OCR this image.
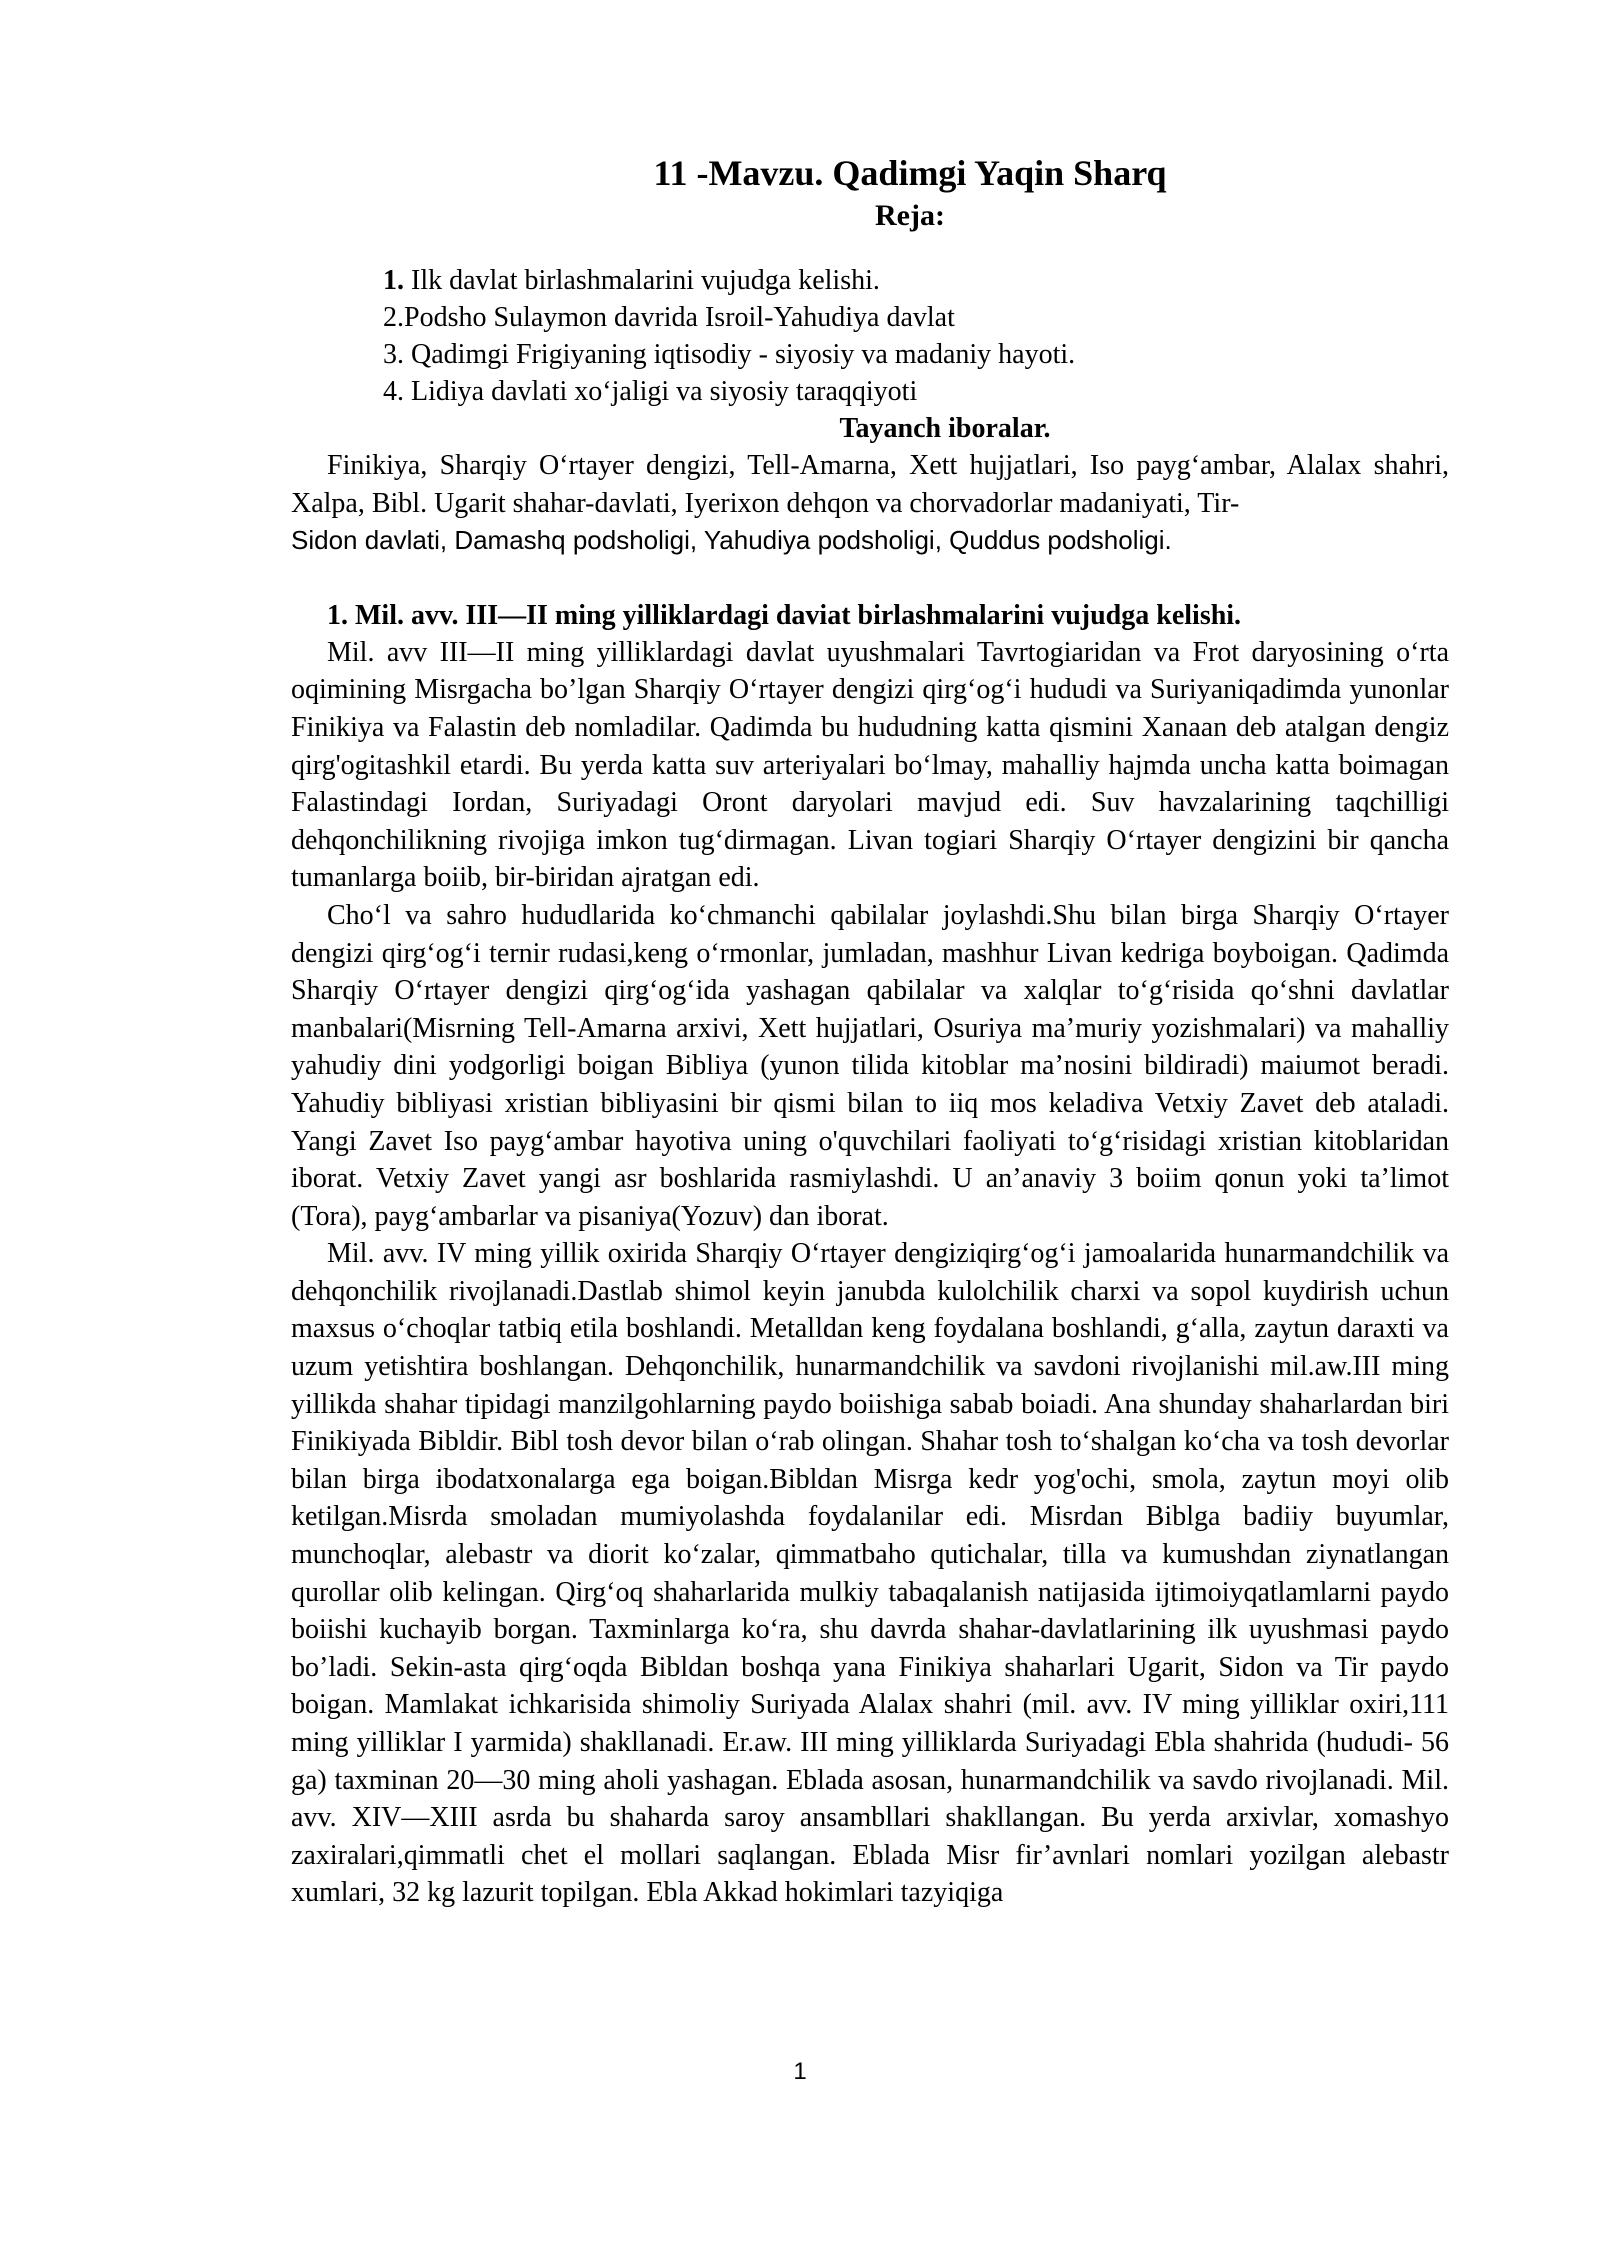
11 -Mavzu. Qadimgi Yaqin Sharq
Reja:
1. Ilk davlat birlashmalarini vujudga kelishi.
2.Podsho Sulaymon davrida Isroil-Yahudiya davlat
3. Qadimgi Frigiyaning iqtisodiy - siyosiy va madaniy hayoti.
4. Lidiya davlati xo‘jaligi va siyosiy taraqqiyoti
Tayanch iboralar.

Finikiya, Sharqiy O‘rtayer dengizi, Tell-Amarna, Xett hujjatlari, Iso payg‘ambar, Alalax shahri, Xalpa, Bibl. Ugarit shahar-davlati, Iyerixon dehqon va chorvadorlar madaniyati, Tir-
Sidon davlati, Damashq podsholigi, Yahudiya podsholigi, Quddus podsholigi.

1. Mil. avv. III—II ming yilliklardagi daviat birlashmalarini vujudga kelishi.

Mil. avv III—II ming yilliklardagi davlat uyushmalari Tavrtogiaridan va Frot daryosining o‘rta oqimining Misrgacha bo’lgan Sharqiy O‘rtayer dengizi qirg‘og‘i hududi va Suriyaniqadimda yunonlar Finikiya va Falastin deb nomladilar. Qadimda bu hududning katta qismini Xanaan deb atalgan dengiz qirg'ogitashkil etardi. Bu yerda katta suv arteriyalari bo‘lmay, mahalliy hajmda uncha katta boimagan Falastindagi Iordan, Suriyadagi Oront daryolari mavjud edi. Suv havzalarining taqchilligi dehqonchilikning rivojiga imkon tug‘dirmagan. Livan togiari Sharqiy O‘rtayer dengizini bir qancha tumanlarga boiib, bir-biridan ajratgan edi.

Cho‘l va sahro hududlarida ko‘chmanchi qabilalar joylashdi.Shu bilan birga Sharqiy O‘rtayer dengizi qirg‘og‘i ternir rudasi,keng o‘rmonlar, jumladan, mashhur Livan kedriga boyboigan. Qadimda Sharqiy O‘rtayer dengizi qirg‘og‘ida yashagan qabilalar va xalqlar to‘g‘risida qo‘shni davlatlar manbalari(Misrning Tell-Amarna arxivi, Xett hujjatlari, Osuriya ma’muriy yozishmalari) va mahalliy yahudiy dini yodgorligi boigan Bibliya (yunon tilida kitoblar ma’nosini bildiradi) maiumot beradi. Yahudiy bibliyasi xristian bibliyasini bir qismi bilan to iiq mos keladiva Vetxiy Zavet deb ataladi. Yangi Zavet Iso payg‘ambar hayotiva uning o'quvchilari faoliyati to‘g‘risidagi xristian kitoblaridan iborat. Vetxiy Zavet yangi asr boshlarida rasmiylashdi. U an’anaviy 3 boiim qonun yoki ta’limot (Tora), payg‘ambarlar va pisaniya(Yozuv) dan iborat.

Mil. avv. IV ming yillik oxirida Sharqiy O‘rtayer dengiziqirg‘og‘i jamoalarida hunarmandchilik va dehqonchilik rivojlanadi.Dastlab shimol keyin janubda kulolchilik charxi va sopol kuydirish uchun maxsus o‘choqlar tatbiq etila boshlandi. Metalldan keng foydalana boshlandi, g‘alla, zaytun daraxti va uzum yetishtira boshlangan. Dehqonchilik, hunarmandchilik va savdoni rivojlanishi mil.aw.III ming yillikda shahar tipidagi manzilgohlarning paydo boiishiga sabab boiadi. Ana shunday shaharlardan biri Finikiyada Bibldir. Bibl tosh devor bilan o‘rab olingan. Shahar tosh to‘shalgan ko‘cha va tosh devorlar bilan birga ibodatxonalarga ega boigan.Bibldan Misrga kedr yog'ochi, smola, zaytun moyi olib ketilgan.Misrda smoladan mumiyolashda foydalanilar edi. Misrdan Biblga badiiy buyumlar, munchoqlar, alebastr va diorit ko‘zalar, qimmatbaho qutichalar, tilla va kumushdan ziynatlangan qurollar olib kelingan. Qirg‘oq shaharlarida mulkiy tabaqalanish natijasida ijtimoiyqatlamlarni paydo boiishi kuchayib borgan. Taxminlarga ko‘ra, shu davrda shahar-davlatlarining ilk uyushmasi paydo bo’ladi. Sekin-asta qirg‘oqda Bibldan boshqa yana Finikiya shaharlari Ugarit, Sidon va Tir paydo boigan. Mamlakat ichkarisida shimoliy Suriyada Alalax shahri (mil. avv. IV ming yilliklar oxiri,111 ming yilliklar I yarmida) shakllanadi. Er.aw. III ming yilliklarda Suriyadagi Ebla shahrida (hududi- 56 ga) taxminan 20—30 ming aholi yashagan. Eblada asosan, hunarmandchilik va savdo rivojlanadi. Mil. avv. XIV—XIII asrda bu shaharda saroy ansambllari shakllangan. Bu yerda arxivlar, xomashyo zaxiralari,qimmatli chet el mollari saqlangan. Eblada Misr fir’avnlari nomlari yozilgan alebastr xumlari, 32 kg lazurit topilgan. Ebla Akkad hokimlari tazyiqiga

1
